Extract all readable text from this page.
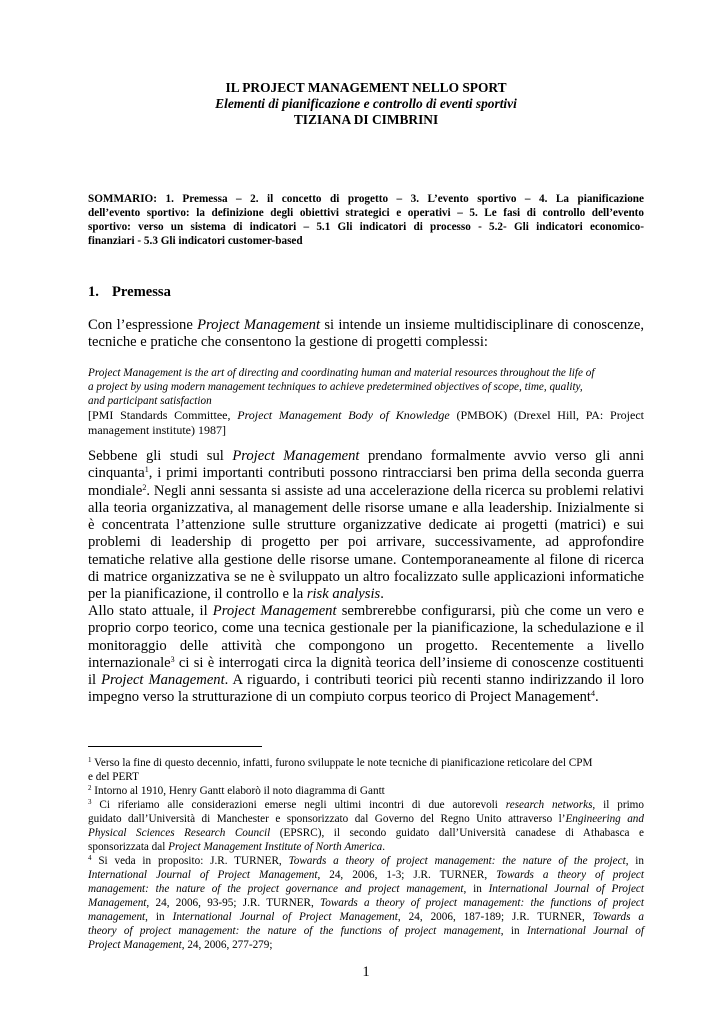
IL PROJECT MANAGEMENT NELLO SPORT
Elementi di pianificazione e controllo di eventi sportivi
TIZIANA DI CIMBRINI
SOMMARIO: 1. Premessa – 2. il concetto di progetto – 3. L’evento sportivo – 4. La pianificazione
dell’evento sportivo: la definizione degli obiettivi strategici e operativi – 5. Le fasi di controllo dell’evento
sportivo: verso un sistema di indicatori – 5.1 Gli indicatori di processo - 5.2- Gli indicatori economico-
finanziari - 5.3 Gli indicatori customer-based
1. Premessa
Con l’espressione Project Management si intende un insieme multidisciplinare di conoscenze,
tecniche e pratiche che consentono la gestione di progetti complessi:
Project Management is the art of directing and coordinating human and material resources throughout the life of
a project by using modern management techniques to achieve predetermined objectives of scope, time, quality,
and participant satisfaction
[PMI Standards Committee, Project Management Body of Knowledge (PMBOK) (Drexel Hill, PA: Project
management institute) 1987]
Sebbene gli studi sul Project Management prendano formalmente avvio verso gli anni
cinquanta$^1$, i primi importanti contributi possono rintracciarsi ben prima della seconda guerra
mondiale$^2$. Negli anni sessanta si assiste ad una accelerazione della ricerca su problemi relativi
alla teoria organizzativa, al management delle risorse umane e alla leadership. Inizialmente si
è concentrata l’attenzione sulle strutture organizzative dedicate ai progetti (matrici) e sui
problemi di leadership di progetto per poi arrivare, successivamente, ad approfondire
tematiche relative alla gestione delle risorse umane. Contemporaneamente al filone di ricerca
di matrice organizzativa se ne è sviluppato un altro focalizzato sulle applicazioni informatiche
per la pianificazione, il controllo e la risk analysis.
Allo stato attuale, il Project Management sembrerebbe configurarsi, più che come un vero e
proprio corpo teorico, come una tecnica gestionale per la pianificazione, la schedulazione e il
monitoraggio delle attività che compongono un progetto. Recentemente a livello
internazionale$^3$ ci si è interrogati circa la dignità teorica dell’insieme di conoscenze costituenti
il Project Management. A riguardo, i contributi teorici più recenti stanno indirizzando il loro
impegno verso la strutturazione di un compiuto corpus teorico di Project Management$^4$.
$^1$ Verso la fine di questo decennio, infatti, furono sviluppate le note tecniche di pianificazione reticolare del CPM
e del PERT
$^2$ Intorno al 1910, Henry Gantt elaborò il noto diagramma di Gantt
$^3$ Ci riferiamo alle considerazioni emerse negli ultimi incontri di due autorevoli research networks, il primo
guidato dall’Università di Manchester e sponsorizzato dal Governo del Regno Unito attraverso l’Engineering and
Physical Sciences Research Council (EPSRC), il secondo guidato dall’Università canadese di Athabasca e
sponsorizzata dal Project Management Institute of North America.
$^4$ Si veda in proposito: J.R. TURNER, Towards a theory of project management: the nature of the project, in
International Journal of Project Management, 24, 2006, 1-3; J.R. TURNER, Towards a theory of project
management: the nature of the project governance and project management, in International Journal of Project
Management, 24, 2006, 93-95; J.R. TURNER, Towards a theory of project management: the functions of project
management, in International Journal of Project Management, 24, 2006, 187-189; J.R. TURNER, Towards a
theory of project management: the nature of the functions of project management, in International Journal of
Project Management, 24, 2006, 277-279;
1
